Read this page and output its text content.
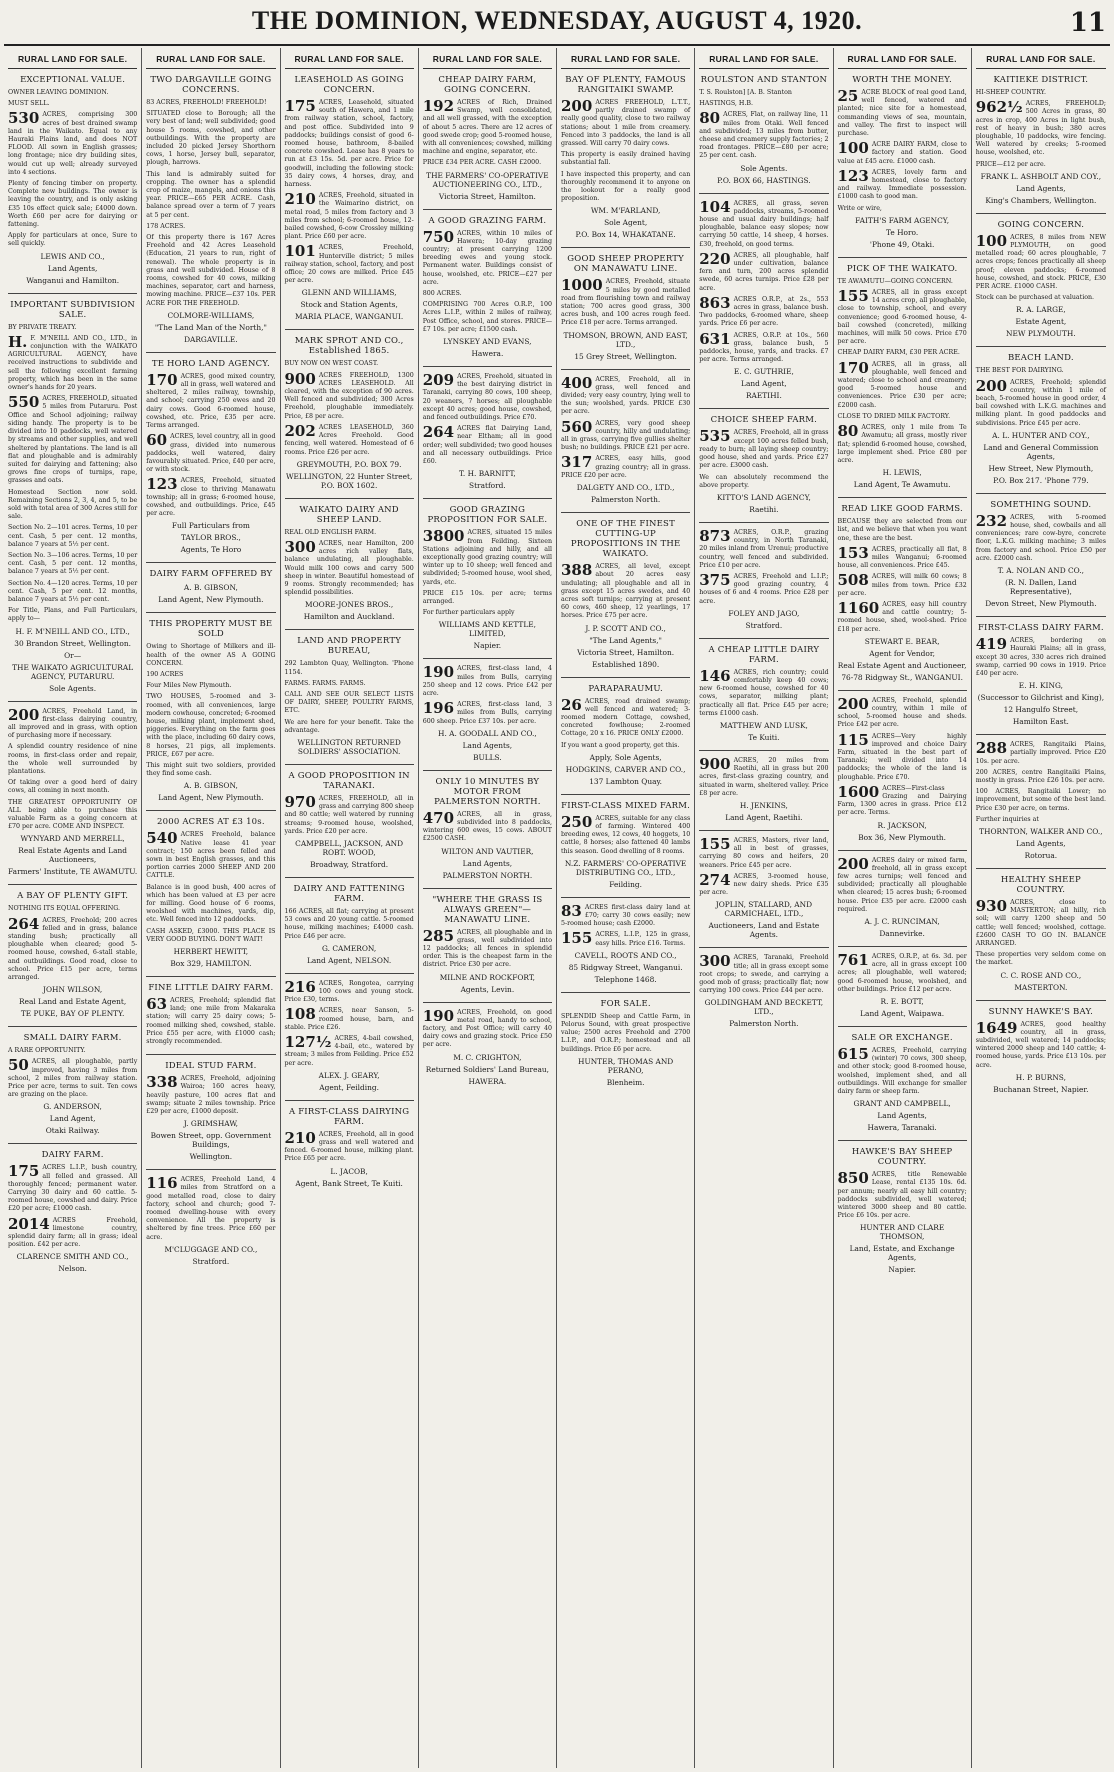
THE DOMINION, WEDNESDAY, AUGUST 4, 1920.	11
RURAL LAND FOR SALE.
EXCEPTIONAL VALUE.

OWNER LEAVING DOMINION.

MUST SELL.

530 ACRES, comprising 300 acres of best drained swamp land in the Waikato. Equal to any Hauraki Plains land, and does NOT FLOOD. All sown in English grasses; long frontage; nice dry building sites, would cut up well; already surveyed into 4 sections.

Plenty of fencing timber on property. Complete new buildings. The owner is leaving the country, and is only asking £35 10s effect quick sale; £4000 down. Worth £60 per acre for dairying or fattening.

Apply for particulars at once, Sure to sell quickly.

LEWIS AND CO.,
Land Agents,
Wanganui and Hamilton.
IMPORTANT SUBDIVISION SALE.

BY PRIVATE TREATY.

H. F. M'NEILL AND CO., LTD., in conjunction with the WAIKATO AGRICULTURAL AGENCY, have received instructions to subdivide and sell the following excellent farming property, which has been in the same owner's hands for 20 years.

550 ACRES, FREEHOLD, situated 5 miles from Putaruru. Post Office and School adjoining; railway siding handy. The property is to be divided into 10 paddocks, well watered by streams and other supplies, and well sheltered by plantations. The land is all flat and ploughable and is admirably suited for dairying and fattening; also grows fine crops of turnips, rape, grasses and oats.

Homestead Section now sold. Remaining Sections 2, 3, 4, and 5, to be sold with total area of 300 Acres still for sale.

Section No. 2—101 acres. Terms, 10 per cent. Cash, 5 per cent. 12 months, balance 7 years at 5½ per cent.

Section No. 3—106 acres. Terms, 10 per cent. Cash, 5 per cent. 12 months, balance 7 years at 5½ per cent.

Section No. 4—120 acres. Terms, 10 per cent. Cash, 5 per cent. 12 months, balance 7 years at 5½ per cent.

For Title, Plans, and Full Particulars, apply to—

H. F. M'NEILL AND CO., LTD.,
30 Brandon Street, Wellington.
Or—
THE WAIKATO AGRICULTURAL AGENCY, PUTARURU.
Sole Agents.

200 ACRES, Freehold Land, in first-class dairying country, all improved and in grass, with option of purchasing more if necessary.

A splendid country residence of nine rooms, in first-class order and repair, the whole well surrounded by plantations.

Of taking over a good herd of dairy cows, all coming in next month.

THE GREATEST OPPORTUNITY OF ALL being able to purchase this valuable Farm as a going concern at £70 per acre. COME AND INSPECT.

WYNYARD AND MERRELL,
Real Estate Agents and Land Auctioneers,
Farmers' Institute, TE AWAMUTU.
A BAY OF PLENTY GIFT.

NOTHING ITS EQUAL OFFERING.

264 ACRES, Freehold; 200 acres felled and in grass, balance standing bush; practically all ploughable when cleared; good 5-roomed house, cowshed, 6-stall stable, and outbuildings. Good road, close to school. Price £15 per acre, terms arranged.

JOHN WILSON,
Real Land and Estate Agent,
TE PUKE, BAY OF PLENTY.
SMALL DAIRY FARM.

A RARE OPPORTUNITY.

50 ACRES, all ploughable, partly improved, having 3 miles from school, 2 miles from railway station. Price per acre, terms to suit. Ten cows are grazing on the place.

G. ANDERSON,
Land Agent,
Otaki Railway.
DAIRY FARM.

175 ACRES L.I.P., bush country, all felled and grassed. All thoroughly fenced; permanent water. Carrying 30 dairy and 60 cattle. 5-roomed house, cowshed and dairy. Price £20 per acre; £1000 cash.

2014 ACRES Freehold, limestone country, splendid dairy farm; all in grass; ideal position. £42 per acre.

CLARENCE SMITH AND CO.,
Nelson.
RURAL LAND FOR SALE.
TWO DARGAVILLE GOING CONCERNS.

83 ACRES, FREEHOLD! FREEHOLD!

SITUATED close to Borough; all the very best of land; well subdivided; good house 5 rooms, cowshed, and other outbuildings. With the property are included 20 picked Jersey Shorthorn cows, 1 horse, Jersey bull, separator, plough, harrows.

This land is admirably suited for cropping. The owner has a splendid crop of maize, mangels, and onions this year. PRICE—£65 PER ACRE. Cash, balance spread over a term of 7 years at 5 per cent.

178 ACRES.

Of this property there is 167 Acres Freehold and 42 Acres Leasehold (Education, 21 years to run, right of renewal). The whole property is in grass and well subdivided. House of 8 rooms, cowshed for 40 cows, milking machines, separator, cart and harness, mowing machine. PRICE—£37 10s. PER ACRE FOR THE FREEHOLD.

COLMORE-WILLIAMS,
"The Land Man of the North,"
DARGAVILLE.
TE HORO LAND AGENCY.

170 ACRES, good mixed country, all in grass, well watered and sheltered, 2 miles railway, township, and school; carrying 250 ewes and 20 dairy cows. Good 6-roomed house, cowshed, etc. Price, £35 per acre. Terms arranged.

60 ACRES, level country, all in good grass, divided into numerous paddocks, well watered, dairy favourably situated. Price, £40 per acre, or with stock.

123 ACRES, Freehold, situated close to thriving Manawatu township; all in grass; 6-roomed house, cowshed, and outbuildings. Price, £45 per acre.

Full Particulars from
TAYLOR BROS.,
Agents, Te Horo
DAIRY FARM OFFERED BY
A. B. GIBSON,
Land Agent, New Plymouth.
THIS PROPERTY MUST BE SOLD

Owing to Shortage of Milkers and ill-health of the owner AS A GOING CONCERN.

190 ACRES

Four Miles New Plymouth.

TWO HOUSES, 5-roomed and 3-roomed, with all conveniences, large modern cowhouse, concreted; 6-roomed house, milking plant, implement shed, piggeries. Everything on the farm goes with the place, including 60 dairy cows, 8 horses, 21 pigs, all implements. PRICE, £67 per acre.

This might suit two soldiers, provided they find some cash.

A. B. GIBSON,
Land Agent, New Plymouth.
2000 ACRES AT £3 10s.

540 ACRES Freehold, balance Native lease 41 year contract; 150 acres been felled and sown in best English grasses, and this portion carries 2000 SHEEP AND 200 CATTLE.

Balance is in good bush, 400 acres of which has been valued at £3 per acre for milling. Good house of 6 rooms, woolshed with machines, yards, dip, etc. Well fenced into 12 paddocks.

CASH ASKED, £3000. THIS PLACE IS VERY GOOD BUYING. DON'T WAIT!

HERBERT HEWITT,
Box 329, HAMILTON.
FINE LITTLE DAIRY FARM.

63 ACRES, Freehold; splendid flat land; one mile from Makaraka station; will carry 25 dairy cows; 5-roomed milking shed, cowshed, stable. Price £55 per acre, with £1000 cash; strongly recommended.

IDEAL STUD FARM.

338 ACRES, Freehold, adjoining Wairoa; 160 acres heavy, heavily pasture, 100 acres flat and swamp; situate 2 miles township. Price £29 per acre, £1000 deposit.

J. GRIMSHAW,
Bowen Street, opp. Government Buildings,
Wellington.

116 ACRES, Freehold Land, 4 miles from Stratford on a good metalled road, close to dairy factory, school and church; good 7-roomed dwelling-house with every convenience. All the property is sheltered by fine trees. Price £60 per acre.

M'CLUGGAGE AND CO.,
Stratford.
RURAL LAND FOR SALE.
LEASEHOLD AS GOING CONCERN.

175 ACRES, Leasehold, situated south of Hawera, and 1 mile from railway station, school, factory, and post office. Subdivided into 9 paddocks; buildings consist of good 6-roomed house, bathroom, 8-bailed concrete cowshed. Lease has 8 years to run at £3 15s. 5d. per acre. Price for goodwill, including the following stock: 35 dairy cows, 4 horses, dray, and harness.

210 ACRES, Freehold, situated in the Waimarino district, on metal road, 5 miles from factory and 3 miles from school; 6-roomed house, 12-bailed cowshed, 6-cow Crossley milking plant. Price £60 per acre.

101 ACRES, Freehold, Hunterville district; 5 miles railway station, school, factory, and post office; 20 cows are milked. Price £45 per acre.

GLENN AND WILLIAMS,
Stock and Station Agents,
MARIA PLACE, WANGANUI.
MARK SPROT AND CO., Established 1865.

BUY NOW ON WEST COAST.

900 ACRES FREEHOLD, 1300 ACRES LEASEHOLD. All cleared, with the exception of 90 acres. Well fenced and subdivided; 300 Acres Freehold, ploughable immediately. Price, £8 per acre.

202 ACRES LEASEHOLD, 360 Acres Freehold. Good fencing, well watered. Homestead of 6 rooms. Price £26 per acre.

GREYMOUTH, P.O. BOX 79.
WELLINGTON, 22 Hunter Street, P.O. BOX 1602.
WAIKATO DAIRY AND SHEEP LAND.

REAL OLD ENGLISH FARM.

300 ACRES, near Hamilton, 200 acres rich valley flats, balance undulating, all ploughable. Would milk 100 cows and carry 500 sheep in winter. Beautiful homestead of 9 rooms. Strongly recommended; has splendid possibilities.

MOORE-JONES BROS.,
Hamilton and Auckland.
LAND AND PROPERTY BUREAU,

292 Lambton Quay, Wellington. 'Phone 1154.

FARMS. FARMS. FARMS.

CALL AND SEE OUR SELECT LISTS OF DAIRY, SHEEP, POULTRY FARMS, ETC.

We are here for your benefit. Take the advantage.

WELLINGTON RETURNED SOLDIERS' ASSOCIATION.
A GOOD PROPOSITION IN TARANAKI.

970 ACRES, FREEHOLD, all in grass and carrying 800 sheep and 80 cattle; well watered by running streams; 9-roomed house, woolshed, yards. Price £20 per acre.

CAMPBELL, JACKSON, AND ROBT. WOOD,
Broadway, Stratford.
DAIRY AND FATTENING FARM.

166 ACRES, all flat; carrying at present 53 cows and 20 young cattle. 5-roomed house, milking machines; £4000 cash. Price £46 per acre.

G. CAMERON,
Land Agent, NELSON.

216 ACRES, Rongotea, carrying 100 cows and young stock. Price £30, terms.

108 ACRES, near Sanson, 5-roomed house, barn, and stable. Price £26.

127½ ACRES, 4-bail cowshed, 4-bail, etc., watered by stream; 3 miles from Feilding. Price £52 per acre.

ALEX. J. GEARY,
Agent, Feilding.
A FIRST-CLASS DAIRYING FARM.

210 ACRES, Freehold, all in good grass and well watered and fenced. 6-roomed house, milking plant. Price £65 per acre.

L. JACOB,
Agent, Bank Street, Te Kuiti.
RURAL LAND FOR SALE.
CHEAP DAIRY FARM, GOING CONCERN.

192 ACRES of Rich, Drained Swamp, well consolidated, and all well grassed, with the exception of about 5 acres. There are 12 acres of good swede crop; good 5-roomed house, with all conveniences; cowshed, milking machine and engine, separator, etc.

PRICE £34 PER ACRE. CASH £2000.

THE FARMERS' CO-OPERATIVE AUCTIONEERING CO., LTD.,
Victoria Street, Hamilton.
A GOOD GRAZING FARM.

750 ACRES, within 10 miles of Hawera; 10-day grazing country; at present carrying 1200 breeding ewes and young stock. Permanent water. Buildings consist of house, woolshed, etc. PRICE—£27 per acre.

800 ACRES.

COMPRISING 700 Acres O.R.P., 100 Acres L.I.P., within 2 miles of railway, Post Office, school, and stores. PRICE—£7 10s. per acre; £1500 cash.

LYNSKEY AND EVANS,
Hawera.

209 ACRES, Freehold, situated in the best dairying district in Taranaki, carrying 80 cows, 100 sheep, 20 weaners, 7 horses; all ploughable except 40 acres; good house, cowshed, and fenced outbuildings. Price £70.

264 ACRES flat Dairying Land, near Eltham; all in good order; well subdivided; two good houses and all necessary outbuildings. Price £60.

T. H. BARNITT,
Stratford.
GOOD GRAZING PROPOSITION FOR SALE.

3800 ACRES, situated 15 miles from Feilding. Sixteen Stations adjoining and hilly, and all exceptionally good grazing country; will winter up to 10 sheep; well fenced and subdivided; 5-roomed house, wool shed, yards, etc.

PRICE £15 10s. per acre; terms arranged.

For further particulars apply

WILLIAMS AND KETTLE, LIMITED,
Napier.

190 ACRES, first-class land, 4 miles from Bulls, carrying 250 sheep and 12 cows. Price £42 per acre.

196 ACRES, first-class land, 3 miles from Bulls, carrying 600 sheep. Price £37 10s. per acre.

H. A. GOODALL AND CO.,
Land Agents,
BULLS.
ONLY 10 MINUTES BY MOTOR FROM PALMERSTON NORTH.

470 ACRES, all in grass, subdivided into 8 paddocks, wintering 600 ewes, 15 cows. ABOUT £2500 CASH.

WILTON AND VAUTIER,
Land Agents,
PALMERSTON NORTH.
"WHERE THE GRASS IS ALWAYS GREEN"—MANAWATU LINE.

285 ACRES, all ploughable and in grass, well subdivided into 12 paddocks; all fences in splendid order. This is the cheapest farm in the district. Price £30 per acre.

MILNE AND ROCKFORT,
Agents, Levin.

190 ACRES, Freehold, on good metal road, handy to school, factory, and Post Office; will carry 40 dairy cows and grazing stock. Price £50 per acre.

M. C. CRIGHTON,
Returned Soldiers' Land Bureau,
HAWERA.
RURAL LAND FOR SALE.
BAY OF PLENTY, FAMOUS RANGITAIKI SWAMP.

200 ACRES FREEHOLD, L.T.T., partly drained swamp of really good quality, close to two railway stations; about 1 mile from creamery. Fenced into 3 paddocks, the land is all grassed. Will carry 70 dairy cows.

This property is easily drained having substantial fall.

I have inspected this property, and can thoroughly recommend it to anyone on the lookout for a really good proposition.

WM. M'FARLAND,
Sole Agent,
P.O. Box 14, WHAKATANE.
GOOD SHEEP PROPERTY ON MANAWATU LINE.

1000 ACRES, Freehold, situate 5 miles by good metalled road from flourishing town and railway station; 700 acres good grass, 300 acres bush, and 100 acres rough feed. Price £18 per acre. Terms arranged.

THOMSON, BROWN, AND EAST, LTD.,
15 Grey Street, Wellington.

400 ACRES, Freehold, all in grass, well fenced and divided; very easy country, lying well to the sun; woolshed, yards. PRICE £30 per acre.

560 ACRES, very good sheep country, hilly and undulating; all in grass, carrying five gullies shelter bush; no buildings. PRICE £21 per acre.

317 ACRES, easy hills, good grazing country; all in grass. PRICE £20 per acre.

DALGETY AND CO., LTD.,
Palmerston North.
ONE OF THE FINEST CUTTING-UP PROPOSITIONS IN THE WAIKATO.

388 ACRES, all level, except about 20 acres easy undulating; all ploughable and all in grass except 15 acres swedes, and 40 acres soft turnips; carrying at present 60 cows, 460 sheep, 12 yearlings, 17 horses. Price £75 per acre.

J. P. SCOTT AND CO.,
"The Land Agents,"
Victoria Street, Hamilton.
Established 1890.
PARAPARAUMU.

26 ACRES, road drained swamp; well fenced and watered; 3-roomed modern Cottage, cowshed, concreted fowlhouse; 2-roomed Cottage, 20 x 16. PRICE ONLY £2000.

If you want a good property, get this.

Apply, Sole Agents,
HODGKINS, CARVER AND CO.,
137 Lambton Quay.
FIRST-CLASS MIXED FARM.

250 ACRES, suitable for any class of farming. Wintered 400 breeding ewes, 12 cows, 40 hoggets, 10 cattle, 8 horses; also fattened 40 lambs this season. Good dwelling of 8 rooms.

N.Z. FARMERS' CO-OPERATIVE DISTRIBUTING CO., LTD.,
Feilding.

83 ACRES first-class dairy land at £70; carry 30 cows easily; new 5-roomed house; cash £2000.

155 ACRES, L.I.P., 125 in grass, easy hills. Price £16. Terms.

CAVELL, ROOTS AND CO.,
85 Ridgway Street, Wanganui.
Telephone 1468.
FOR SALE.

SPLENDID Sheep and Cattle Farm, in Pelorus Sound, with great prospective value; 2500 acres Freehold and 2700 L.I.P., and O.R.P.; homestead and all buildings. Price £6 per acre.

HUNTER, THOMAS AND PERANO,
Blenheim.
RURAL LAND FOR SALE.
ROULSTON AND STANTON

T. S. Roulston] [A. B. Stanton

HASTINGS, H.B.

80 ACRES, Flat, on railway line, 11 miles from Otaki. Well fenced and subdivided; 13 miles from butter, cheese and creamery supply factories; 2 road frontages. PRICE—£80 per acre; 25 per cent. cash.

Sole Agents.
P.O. BOX 66, HASTINGS.

104 ACRES, all grass, seven paddocks, streams, 5-roomed house and usual dairy buildings; half ploughable, balance easy slopes; now carrying 50 cattle, 14 sheep, 4 horses. £30, freehold, on good terms.

220 ACRES, all ploughable, half under cultivation, balance fern and turn, 200 acres splendid swede, 60 acres turnips. Price £28 per acre.

863 ACRES O.R.P., at 2s., 553 acres in grass, balance bush. Two paddocks, 6-roomed whare, sheep yards. Price £6 per acre.

631 ACRES, O.R.P. at 10s., 560 grass, balance bush, 5 paddocks, house, yards, and tracks. £7 per acre. Terms arranged.

E. C. GUTHRIE,
Land Agent,
RAETIHI.
CHOICE SHEEP FARM.

535 ACRES, Freehold, all in grass except 100 acres felled bush, ready to burn; all laying sheep country; good house, shed and yards. Price £27 per acre. £3000 cash.

We can absolutely recommend the above property.

KITTO'S LAND AGENCY,
Raetihi.

873 ACRES, O.R.P., grazing country, in North Taranaki, 20 miles inland from Urenui; productive country, well fenced and subdivided. Price £10 per acre.

375 ACRES, Freehold and L.I.P.; good grazing country, 4 houses of 6 and 4 rooms. Price £28 per acre.

FOLEY AND JAGO,
Stratford.
A CHEAP LITTLE DAIRY FARM.

146 ACRES, rich country; could comfortably keep 40 cows; new 6-roomed house, cowshed for 40 cows, separator, milking plant; practically all flat. Price £45 per acre; terms £1000 cash.

MATTHEW AND LUSK,
Te Kuiti.

900 ACRES, 20 miles from Raetihi, all in grass but 200 acres, first-class grazing country, and situated in warm, sheltered valley. Price £8 per acre.

H. JENKINS,
Land Agent, Raetihi.

155 ACRES, Masters, river land, all in best of grasses, carrying 80 cows and heifers, 20 weaners. Price £45 per acre.

274 ACRES, 3-roomed house, new dairy sheds. Price £35 per acre.

JOPLIN, STALLARD, AND CARMICHAEL, LTD.,
Auctioneers, Land and Estate Agents.

300 ACRES, Taranaki, Freehold title; all in grass except some root crops; to swede, and carrying a good mob of grass; practically flat; now carrying 100 cows. Price £44 per acre.

GOLDINGHAM AND BECKETT, LTD.,
Palmerston North.
RURAL LAND FOR SALE.
WORTH THE MONEY.

25 ACRE BLOCK of real good Land, well fenced, watered and planted; nice site for a homestead, commanding views of sea, mountain, and valley. The first to inspect will purchase.

100 ACRE DAIRY FARM, close to factory and station. Good value at £45 acre. £1000 cash.

123 ACRES, lovely farm and homestead, close to factory and railway. Immediate possession. £1000 cash to good man.

Write or wire,

FAITH'S FARM AGENCY,
Te Horo.
'Phone 49, Otaki.
PICK OF THE WAIKATO.

TE AWAMUTU—GOING CONCERN.

155 ACRES, all in grass except 14 acres crop, all ploughable, close to township, school, and every convenience; good 6-roomed house, 4-bail cowshed (concreted), milking machines, will milk 50 cows. Price £70 per acre.

CHEAP DAIRY FARM, £30 PER ACRE.

170 ACRES, all in grass, all ploughable, well fenced and watered; close to school and creamery; good 5-roomed house and conveniences. Price £30 per acre; £2000 cash.

CLOSE TO DRIED MILK FACTORY.

80 ACRES, only 1 mile from Te Awamutu; all grass, mostly river flat; splendid 6-roomed house, cowshed, large implement shed. Price £80 per acre.

H. LEWIS,
Land Agent, Te Awamutu.
READ LIKE GOOD FARMS.

BECAUSE they are selected from our list, and we believe that when you want one, these are the best.

153 ACRES, practically all flat, 8 miles Wanganui; 6-roomed house, all conveniences. Price £45.

508 ACRES, will milk 60 cows; 8 miles from town. Price £32 per acre.

1160 ACRES, easy hill country and cattle country; 5-roomed house, shed, wool-shed. Price £18 per acre.

STEWART E. BEAR,
Agent for Vendor,
Real Estate Agent and Auctioneer,
76-78 Ridgway St., WANGANUI.

200 ACRES, Freehold, splendid country, within 1 mile of school, 5-roomed house and sheds. Price £42 per acre.

115 ACRES—Very highly improved and choice Dairy Farm, situated in the best part of Taranaki; well divided into 14 paddocks; the whole of the land is ploughable. Price £70.

1600 ACRES—First-class Grazing and Dairying Farm, 1300 acres in grass. Price £12 per acre. Terms.

R. JACKSON,
Box 36, New Plymouth.

200 ACRES dairy or mixed farm, freehold, all in grass except few acres turnips; well fenced and subdivided; practically all ploughable when cleared; 15 acres bush; 6-roomed house. Price £35 per acre. £2000 cash required.

A. J. C. RUNCIMAN,
Dannevirke.

761 ACRES, O.R.P., at 6s. 3d. per acre, all in grass except 100 acres; all ploughable, well watered; good 6-roomed house, woolshed, and other buildings. Price £12 per acre.

R. E. BOTT,
Land Agent, Waipawa.
SALE OR EXCHANGE.

615 ACRES, Freehold, carrying (winter) 70 cows, 300 sheep, and other stock; good 8-roomed house, woolshed, implement shed, and all outbuildings. Will exchange for smaller dairy farm or sheep farm.

GRANT AND CAMPBELL,
Land Agents,
Hawera, Taranaki.
HAWKE'S BAY SHEEP COUNTRY.

850 ACRES, title Renewable Lease, rental £135 10s. 6d. per annum; nearly all easy hill country; paddocks subdivided, well watered; wintered 3000 sheep and 80 cattle. Price £6 10s. per acre.

HUNTER AND CLARE THOMSON,
Land, Estate, and Exchange Agents,
Napier.
RURAL LAND FOR SALE.
KAITIEKE DISTRICT.

HI-SHEEP COUNTRY.

962½ ACRES, FREEHOLD; 500 Acres in grass, 80 acres in crop, 400 Acres in light bush, rest of heavy in bush; 380 acres ploughable, 10 paddocks, wire fencing. Well watered by creeks; 5-roomed house, woolshed, etc.

PRICE—£12 per acre.

FRANK L. ASHBOLT AND COY.,
Land Agents,
King's Chambers, Wellington.
GOING CONCERN.

100 ACRES, 8 miles from NEW PLYMOUTH, on good metalled road; 60 acres ploughable, 7 acres crops; fences practically all sheep proof; eleven paddocks; 6-roomed house, cowshed, and stock. PRICE, £30 PER ACRE. £1000 CASH.

Stock can be purchased at valuation.

R. A. LARGE,
Estate Agent,
NEW PLYMOUTH.
BEACH LAND.

THE BEST FOR DAIRYING.

200 ACRES, Freehold; splendid country, within 1 mile of beach, 5-roomed house in good order, 4 bail cowshed with L.K.G. machines and milking plant. In good paddocks and subdivisions. Price £45 per acre.

A. L. HUNTER AND COY.,
Land and General Commission Agents,
Hew Street, New Plymouth,
P.O. Box 217. 'Phone 779.
SOMETHING SOUND.

232 ACRES, with 5-roomed house, shed, cowbails and all conveniences; rare cow-byre, concrete floor, L.K.G. milking machine; 3 miles from factory and school. Price £50 per acre. £2000 cash.

T. A. NOLAN AND CO.,
(R. N. Dallen, Land Representative),
Devon Street, New Plymouth.
FIRST-CLASS DAIRY FARM.

419 ACRES, bordering on Hauraki Plains; all in grass, except 30 acres, 330 acres rich drained swamp, carried 90 cows in 1919. Price £40 per acre.

E. H. KING,
(Successor to Gilchrist and King),
12 Hangulfo Street,
Hamilton East.

288 ACRES, Rangitaiki Plains, partially improved. Price £20 10s. per acre.

200 ACRES, centre Rangitaiki Plains, mostly in grass. Price £26 10s. per acre.

100 ACRES, Rangitaiki Lower; no improvement, but some of the best land. Price £30 per acre, on terms.

Further inquiries at

THORNTON, WALKER AND CO.,
Land Agents,
Rotorua.
HEALTHY SHEEP COUNTRY.

930 ACRES, close to MASTERTON; all hilly, rich soil; will carry 1200 sheep and 50 cattle; well fenced; woolshed, cottage. £2600 CASH TO GO IN. BALANCE ARRANGED.

These properties very seldom come on the market.

C. C. ROSE AND CO.,
MASTERTON.
SUNNY HAWKE'S BAY.

1649 ACRES, good healthy country, all in grass, subdivided, well watered; 14 paddocks; wintered 2000 sheep and 140 cattle; 4-roomed house, yards. Price £13 10s. per acre.

H. P. BURNS,
Buchanan Street, Napier.
